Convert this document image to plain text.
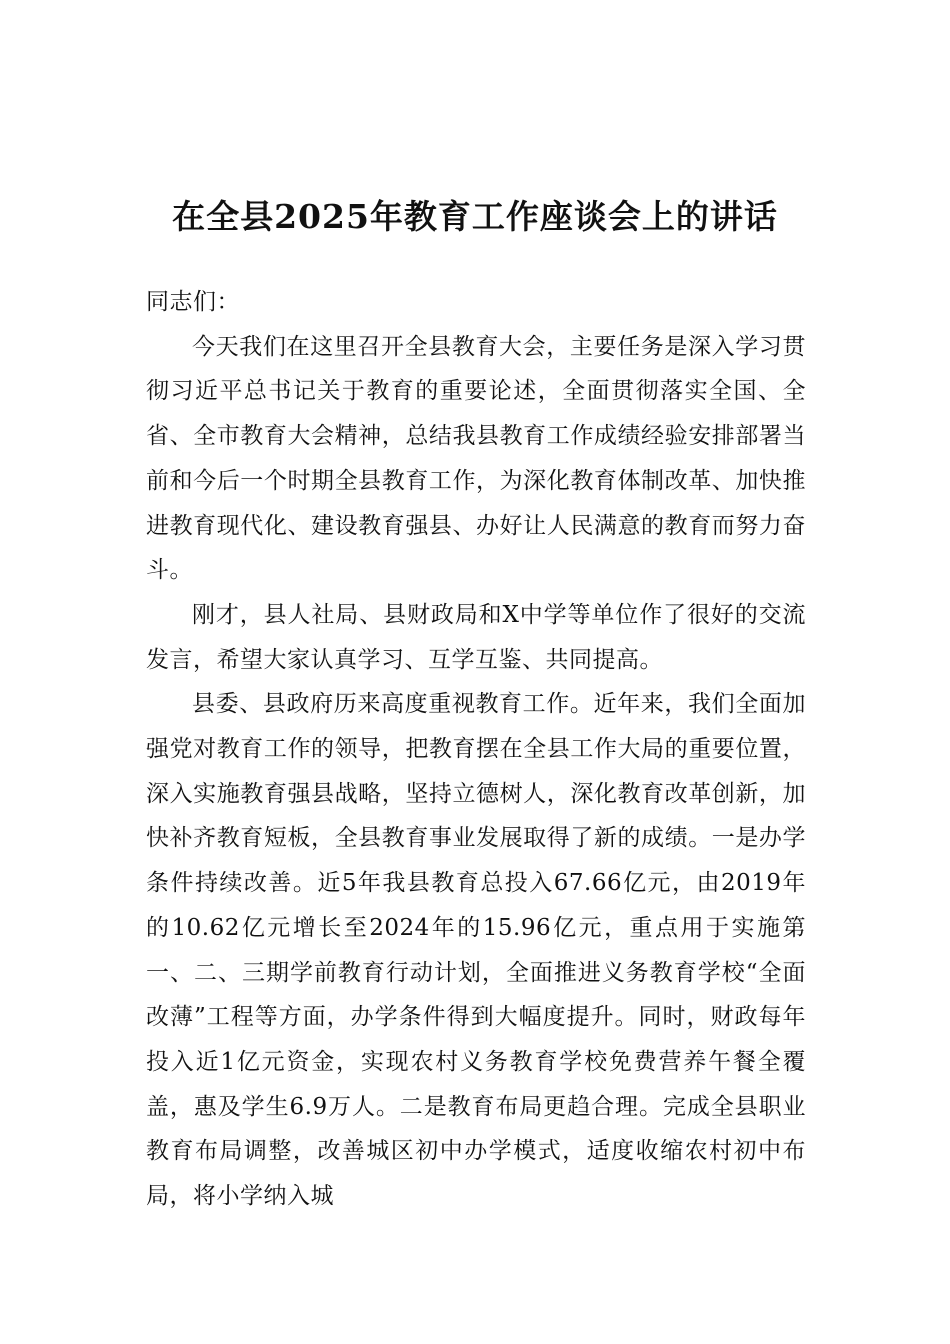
在全县2025年教育工作座谈会上的讲话

同志们：

今天我们在这里召开全县教育大会，主要任务是深入学习贯彻习近平总书记关于教育的重要论述，全面贯彻落实全国、全省、全市教育大会精神，总结我县教育工作成绩经验安排部署当前和今后一个时期全县教育工作，为深化教育体制改革、加快推进教育现代化、建设教育强县、办好让人民满意的教育而努力奋斗。

刚才，县人社局、县财政局和X中学等单位作了很好的交流发言，希望大家认真学习、互学互鉴、共同提高。

县委、县政府历来高度重视教育工作。近年来，我们全面加强党对教育工作的领导，把教育摆在全县工作大局的重要位置，深入实施教育强县战略，坚持立德树人，深化教育改革创新，加快补齐教育短板，全县教育事业发展取得了新的成绩。一是办学条件持续改善。近5年我县教育总投入67.66亿元，由2019年的10.62亿元增长至2024年的15.96亿元，重点用于实施第一、二、三期学前教育行动计划，全面推进义务教育学校“全面改薄”工程等方面，办学条件得到大幅度提升。同时，财政每年投入近1亿元资金，实现农村义务教育学校免费营养午餐全覆盖，惠及学生6.9万人。二是教育布局更趋合理。完成全县职业教育布局调整，改善城区初中办学模式，适度收缩农村初中布局，将小学纳入城
